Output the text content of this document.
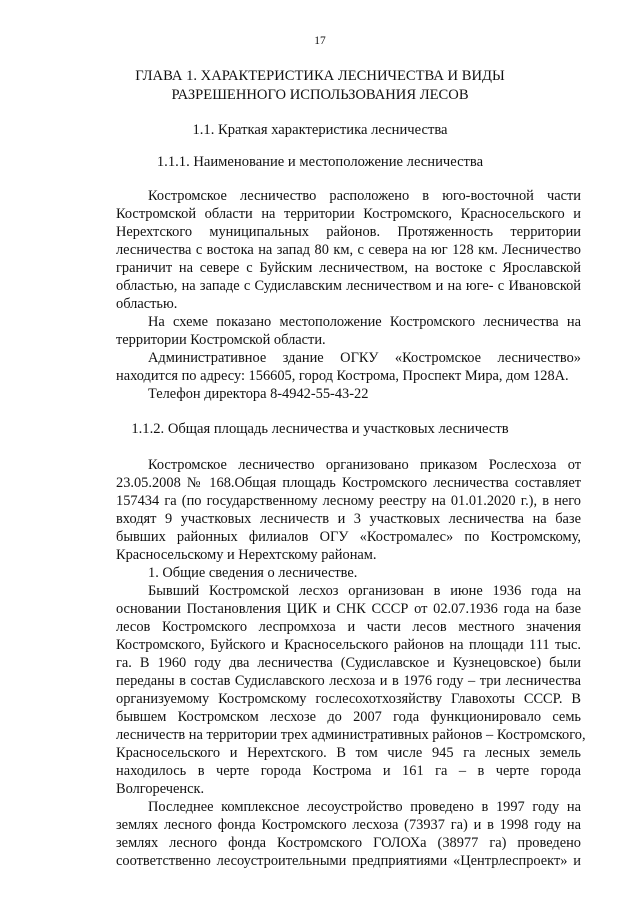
17
ГЛАВА 1. ХАРАКТЕРИСТИКА ЛЕСНИЧЕСТВА И ВИДЫ
РАЗРЕШЕННОГО ИСПОЛЬЗОВАНИЯ ЛЕСОВ
1.1. Краткая характеристика лесничества
1.1.1. Наименование и местоположение лесничества
Костромское лесничество расположено в юго-восточной части
Костромской области на территории Костромского, Красносельского и
Нерехтского муниципальных районов. Протяженность территории
лесничества с востока на запад 80 км, с севера на юг 128 км. Лесничество
граничит на севере с Буйским лесничеством, на востоке с Ярославской
областью, на западе с Судиславским лесничеством и на юге- с Ивановской
областью.
На схеме показано местоположение Костромского лесничества на
территории Костромской области.
Административное здание ОГКУ «Костромское лесничество»
находится по адресу: 156605, город Кострома, Проспект Мира, дом 128А.
Телефон директора 8-4942-55-43-22
1.1.2. Общая площадь лесничества и участковых лесничеств
Костромское лесничество организовано приказом Рослесхоза от
23.05.2008 № 168.Общая площадь Костромского лесничества составляет
157434 га (по государственному лесному реестру на 01.01.2020 г.), в него
входят 9 участковых лесничеств и 3 участковых лесничества на базе
бывших районных филиалов ОГУ «Костромалес» по Костромскому,
Красносельскому и Нерехтскому районам.
1. Общие сведения о лесничестве.
Бывший Костромской лесхоз организован в июне 1936 года на
основании Постановления ЦИК и СНК СССР от 02.07.1936 года на базе
лесов Костромского леспромхоза и части лесов местного значения
Костромского, Буйского и Красносельского районов на площади 111 тыс.
га. В 1960 году два лесничества (Судиславское и Кузнецовское) были
переданы в состав Судиславского лесхоза и в 1976 году – три лесничества
организуемому Костромскому гослесохотхозяйству Главохоты СССР. В
бывшем Костромском лесхозе до 2007 года функционировало семь
лесничеств на территории трех административных районов – Костромского,
Красносельского и Нерехтского. В том числе 945 га лесных земель
находилось в черте города Кострома и 161 га – в черте города
Волгореченск.
Последнее комплексное лесоустройство проведено в 1997 году на
землях лесного фонда Костромского лесхоза (73937 га) и в 1998 году на
землях лесного фонда Костромского ГОЛОХа (38977 га) проведено
соответственно лесоустроительными предприятиями «Центрлеспроект» и
